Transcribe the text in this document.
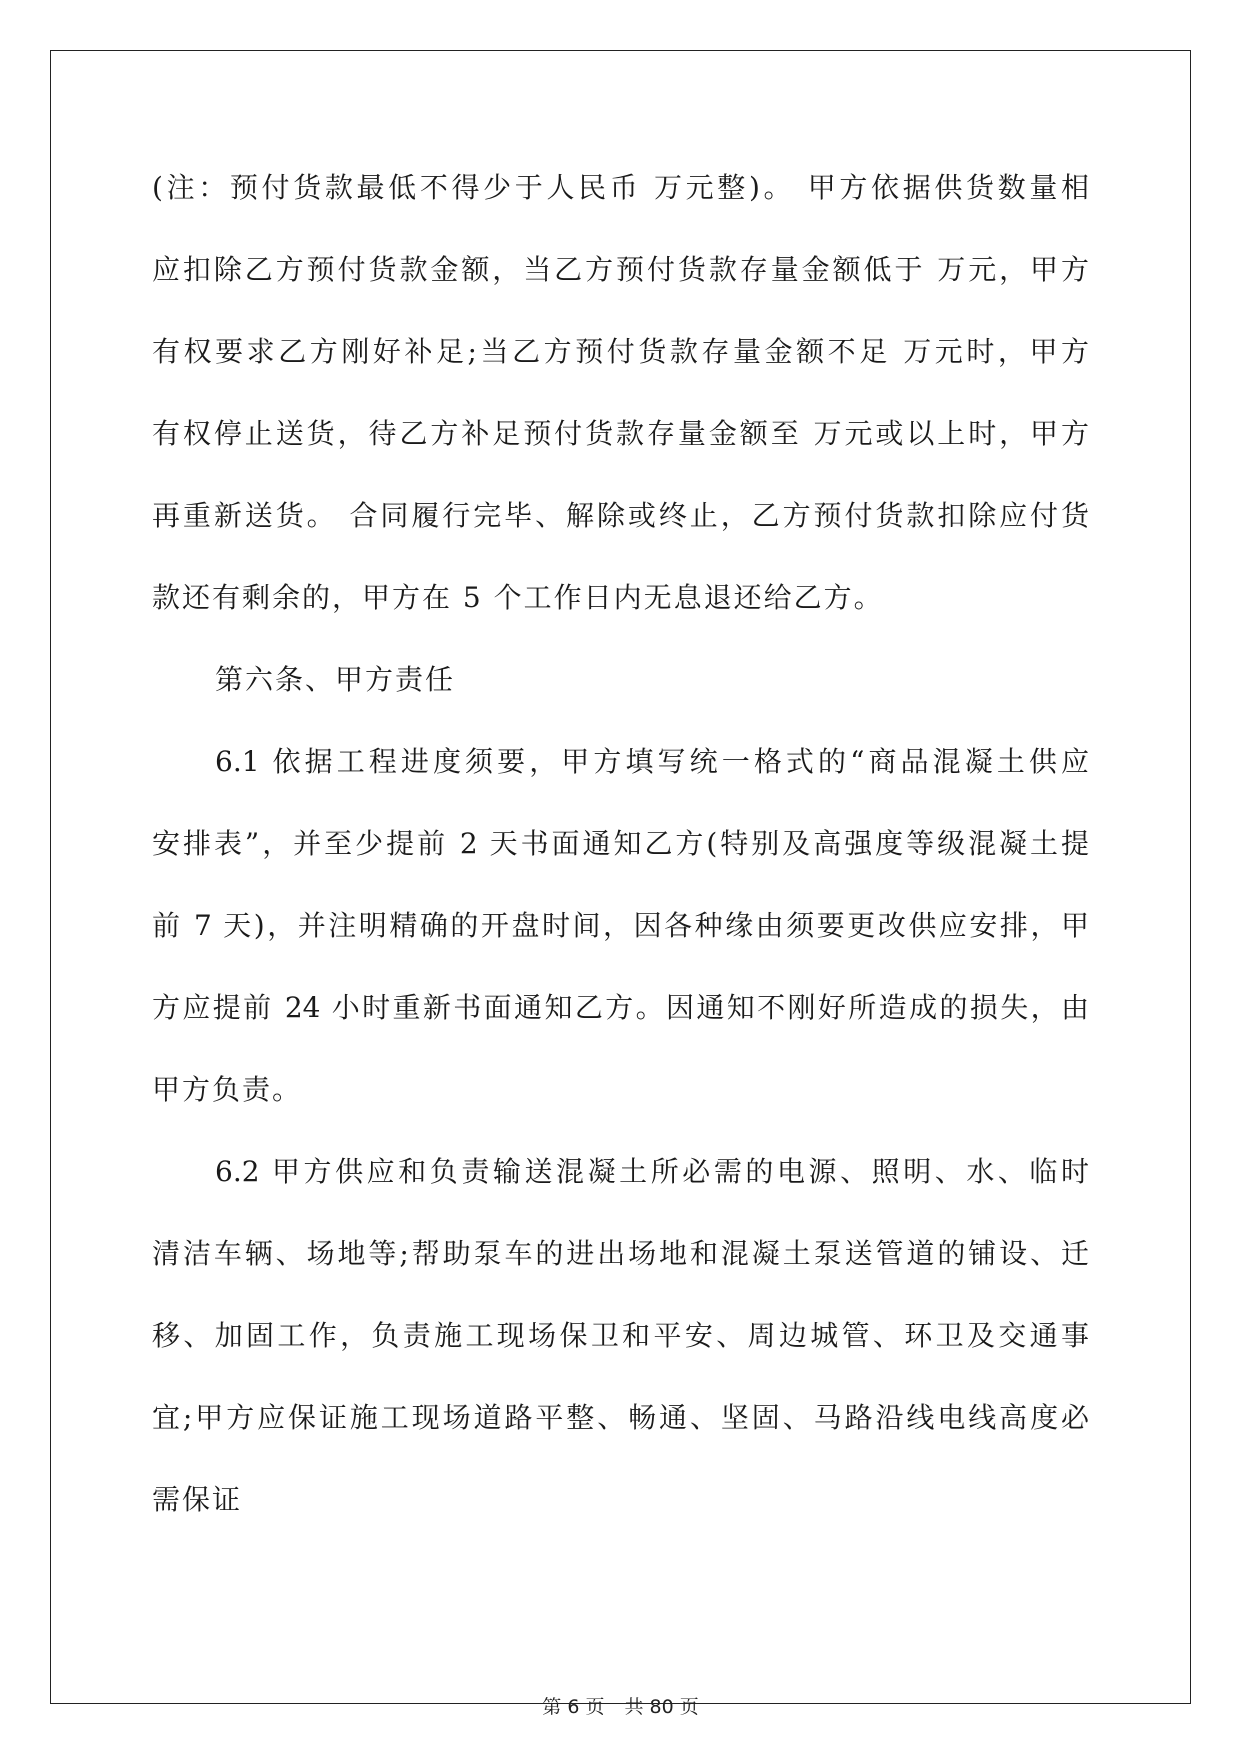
(注：预付货款最低不得少于人民币 万元整)。 甲方依据供货数量相
应扣除乙方预付货款金额，当乙方预付货款存量金额低于 万元，甲方
有权要求乙方刚好补足;当乙方预付货款存量金额不足 万元时，甲方
有权停止送货，待乙方补足预付货款存量金额至 万元或以上时，甲方
再重新送货。 合同履行完毕、解除或终止，乙方预付货款扣除应付货
款还有剩余的，甲方在 5 个工作日内无息退还给乙方。
第六条、甲方责任
6.1 依据工程进度须要，甲方填写统一格式的“商品混凝土供应
安排表”，并至少提前 2 天书面通知乙方(特别及高强度等级混凝土提
前 7 天)，并注明精确的开盘时间，因各种缘由须要更改供应安排，甲
方应提前 24 小时重新书面通知乙方。因通知不刚好所造成的损失，由
甲方负责。
6.2 甲方供应和负责输送混凝土所必需的电源、照明、水、临时
清洁车辆、场地等;帮助泵车的进出场地和混凝土泵送管道的铺设、迁
移、加固工作，负责施工现场保卫和平安、周边城管、环卫及交通事
宜;甲方应保证施工现场道路平整、畅通、坚固、马路沿线电线高度必
需保证
第 6 页 共 80 页
